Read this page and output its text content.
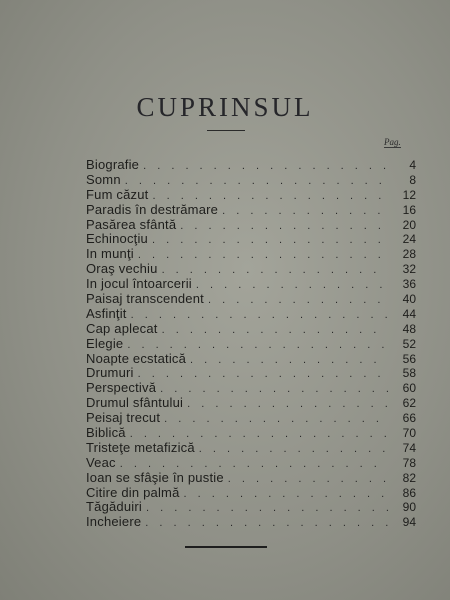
CUPRINSUL
Pag.
Biografie . . .	4
Somn . . .	8
Fum căzut . . .	12
Paradis în destrămare . . .	16
Pasărea sfântă . . .	20
Echinocţiu . . .	24
In munţi . . .	28
Oraş vechiu . . .	32
In jocul întoarcerii . . .	36
Paisaj transcendent . . .	40
Asfinţit . . .	44
Cap aplecat . . .	48
Elegie . . .	52
Noapte ecstatică . . .	56
Drumuri . . .	58
Perspectivă . . .	60
Drumul sfântului . . .	62
Peisaj trecut . . .	66
Biblică . . .	70
Tristeţe metafizică . . .	74
Veac . . .	78
Ioan se sfâşie în pustie . . .	82
Citire din palmă . . .	86
Tăgăduiri . . .	90
Incheiere . . .	94
